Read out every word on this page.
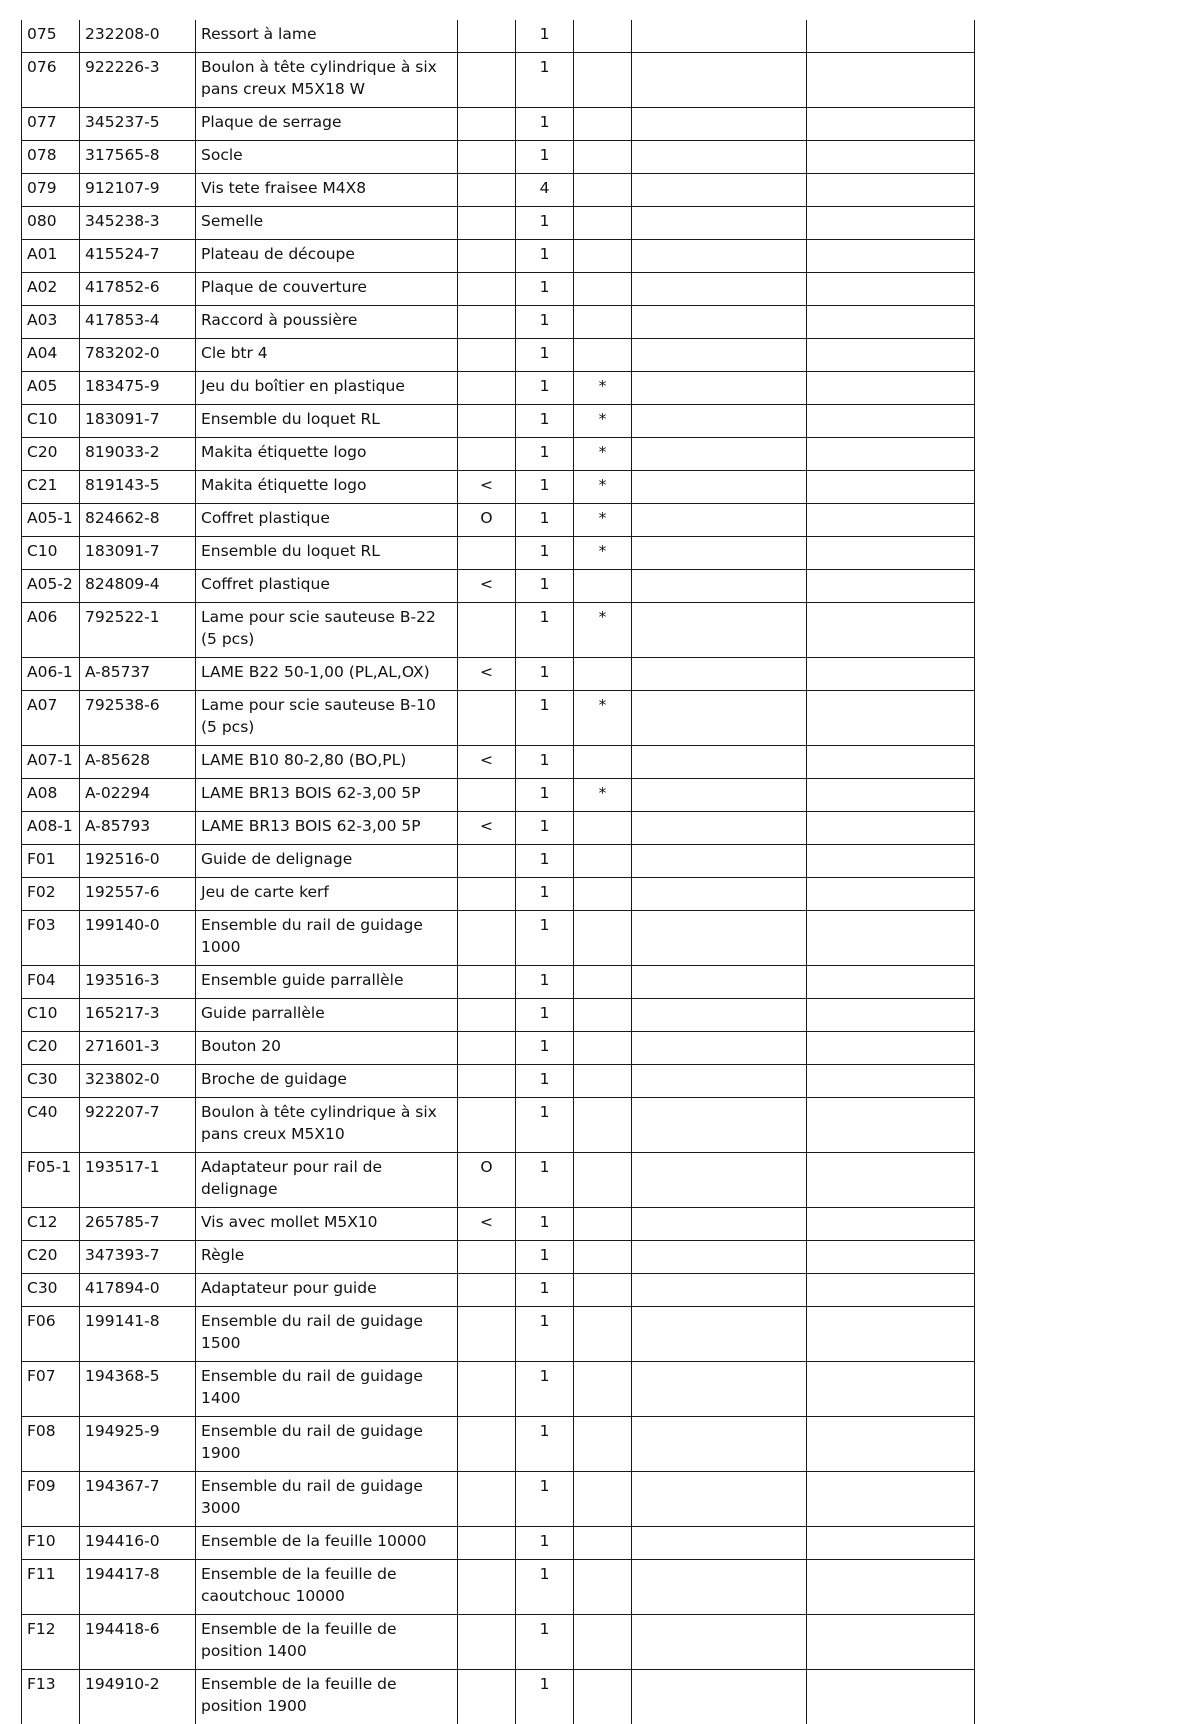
075	232208-0	Ressort à lame		1			
076	922226-3	Boulon à tête cylindrique à six pans creux M5X18 W		1			
077	345237-5	Plaque de serrage		1			
078	317565-8	Socle		1			
079	912107-9	Vis tete fraisee M4X8		4			
080	345238-3	Semelle		1			
A01	415524-7	Plateau de découpe		1			
A02	417852-6	Plaque de couverture		1			
A03	417853-4	Raccord à poussière		1			
A04	783202-0	Cle btr 4		1			
A05	183475-9	Jeu du boîtier en plastique		1	*		
C10	183091-7	Ensemble du loquet RL		1	*		
C20	819033-2	Makita étiquette logo		1	*		
C21	819143-5	Makita étiquette logo	<	1	*		
A05-1	824662-8	Coffret plastique	O	1	*		
C10	183091-7	Ensemble du loquet RL		1	*		
A05-2	824809-4	Coffret plastique	<	1			
A06	792522-1	Lame pour scie sauteuse B-22 (5 pcs)		1	*		
A06-1	A-85737	LAME B22 50-1,00 (PL,AL,OX)	<	1			
A07	792538-6	Lame pour scie sauteuse B-10 (5 pcs)		1	*		
A07-1	A-85628	LAME B10 80-2,80 (BO,PL)	<	1			
A08	A-02294	LAME BR13 BOIS 62-3,00 5P		1	*		
A08-1	A-85793	LAME BR13 BOIS 62-3,00 5P	<	1			
F01	192516-0	Guide de delignage		1			
F02	192557-6	Jeu de carte kerf		1			
F03	199140-0	Ensemble du rail de guidage 1000		1			
F04	193516-3	Ensemble guide parrallèle		1			
C10	165217-3	Guide parrallèle		1			
C20	271601-3	Bouton 20		1			
C30	323802-0	Broche de guidage		1			
C40	922207-7	Boulon à tête cylindrique à six pans creux M5X10		1			
F05-1	193517-1	Adaptateur pour rail de delignage	O	1			
C12	265785-7	Vis avec mollet M5X10	<	1			
C20	347393-7	Règle		1			
C30	417894-0	Adaptateur pour guide		1			
F06	199141-8	Ensemble du rail de guidage 1500		1			
F07	194368-5	Ensemble du rail de guidage 1400		1			
F08	194925-9	Ensemble du rail de guidage 1900		1			
F09	194367-7	Ensemble du rail de guidage 3000		1			
F10	194416-0	Ensemble de la feuille 10000		1			
F11	194417-8	Ensemble de la feuille de caoutchouc 10000		1			
F12	194418-6	Ensemble de la feuille de position 1400		1			
F13	194910-2	Ensemble de la feuille de position 1900		1			
